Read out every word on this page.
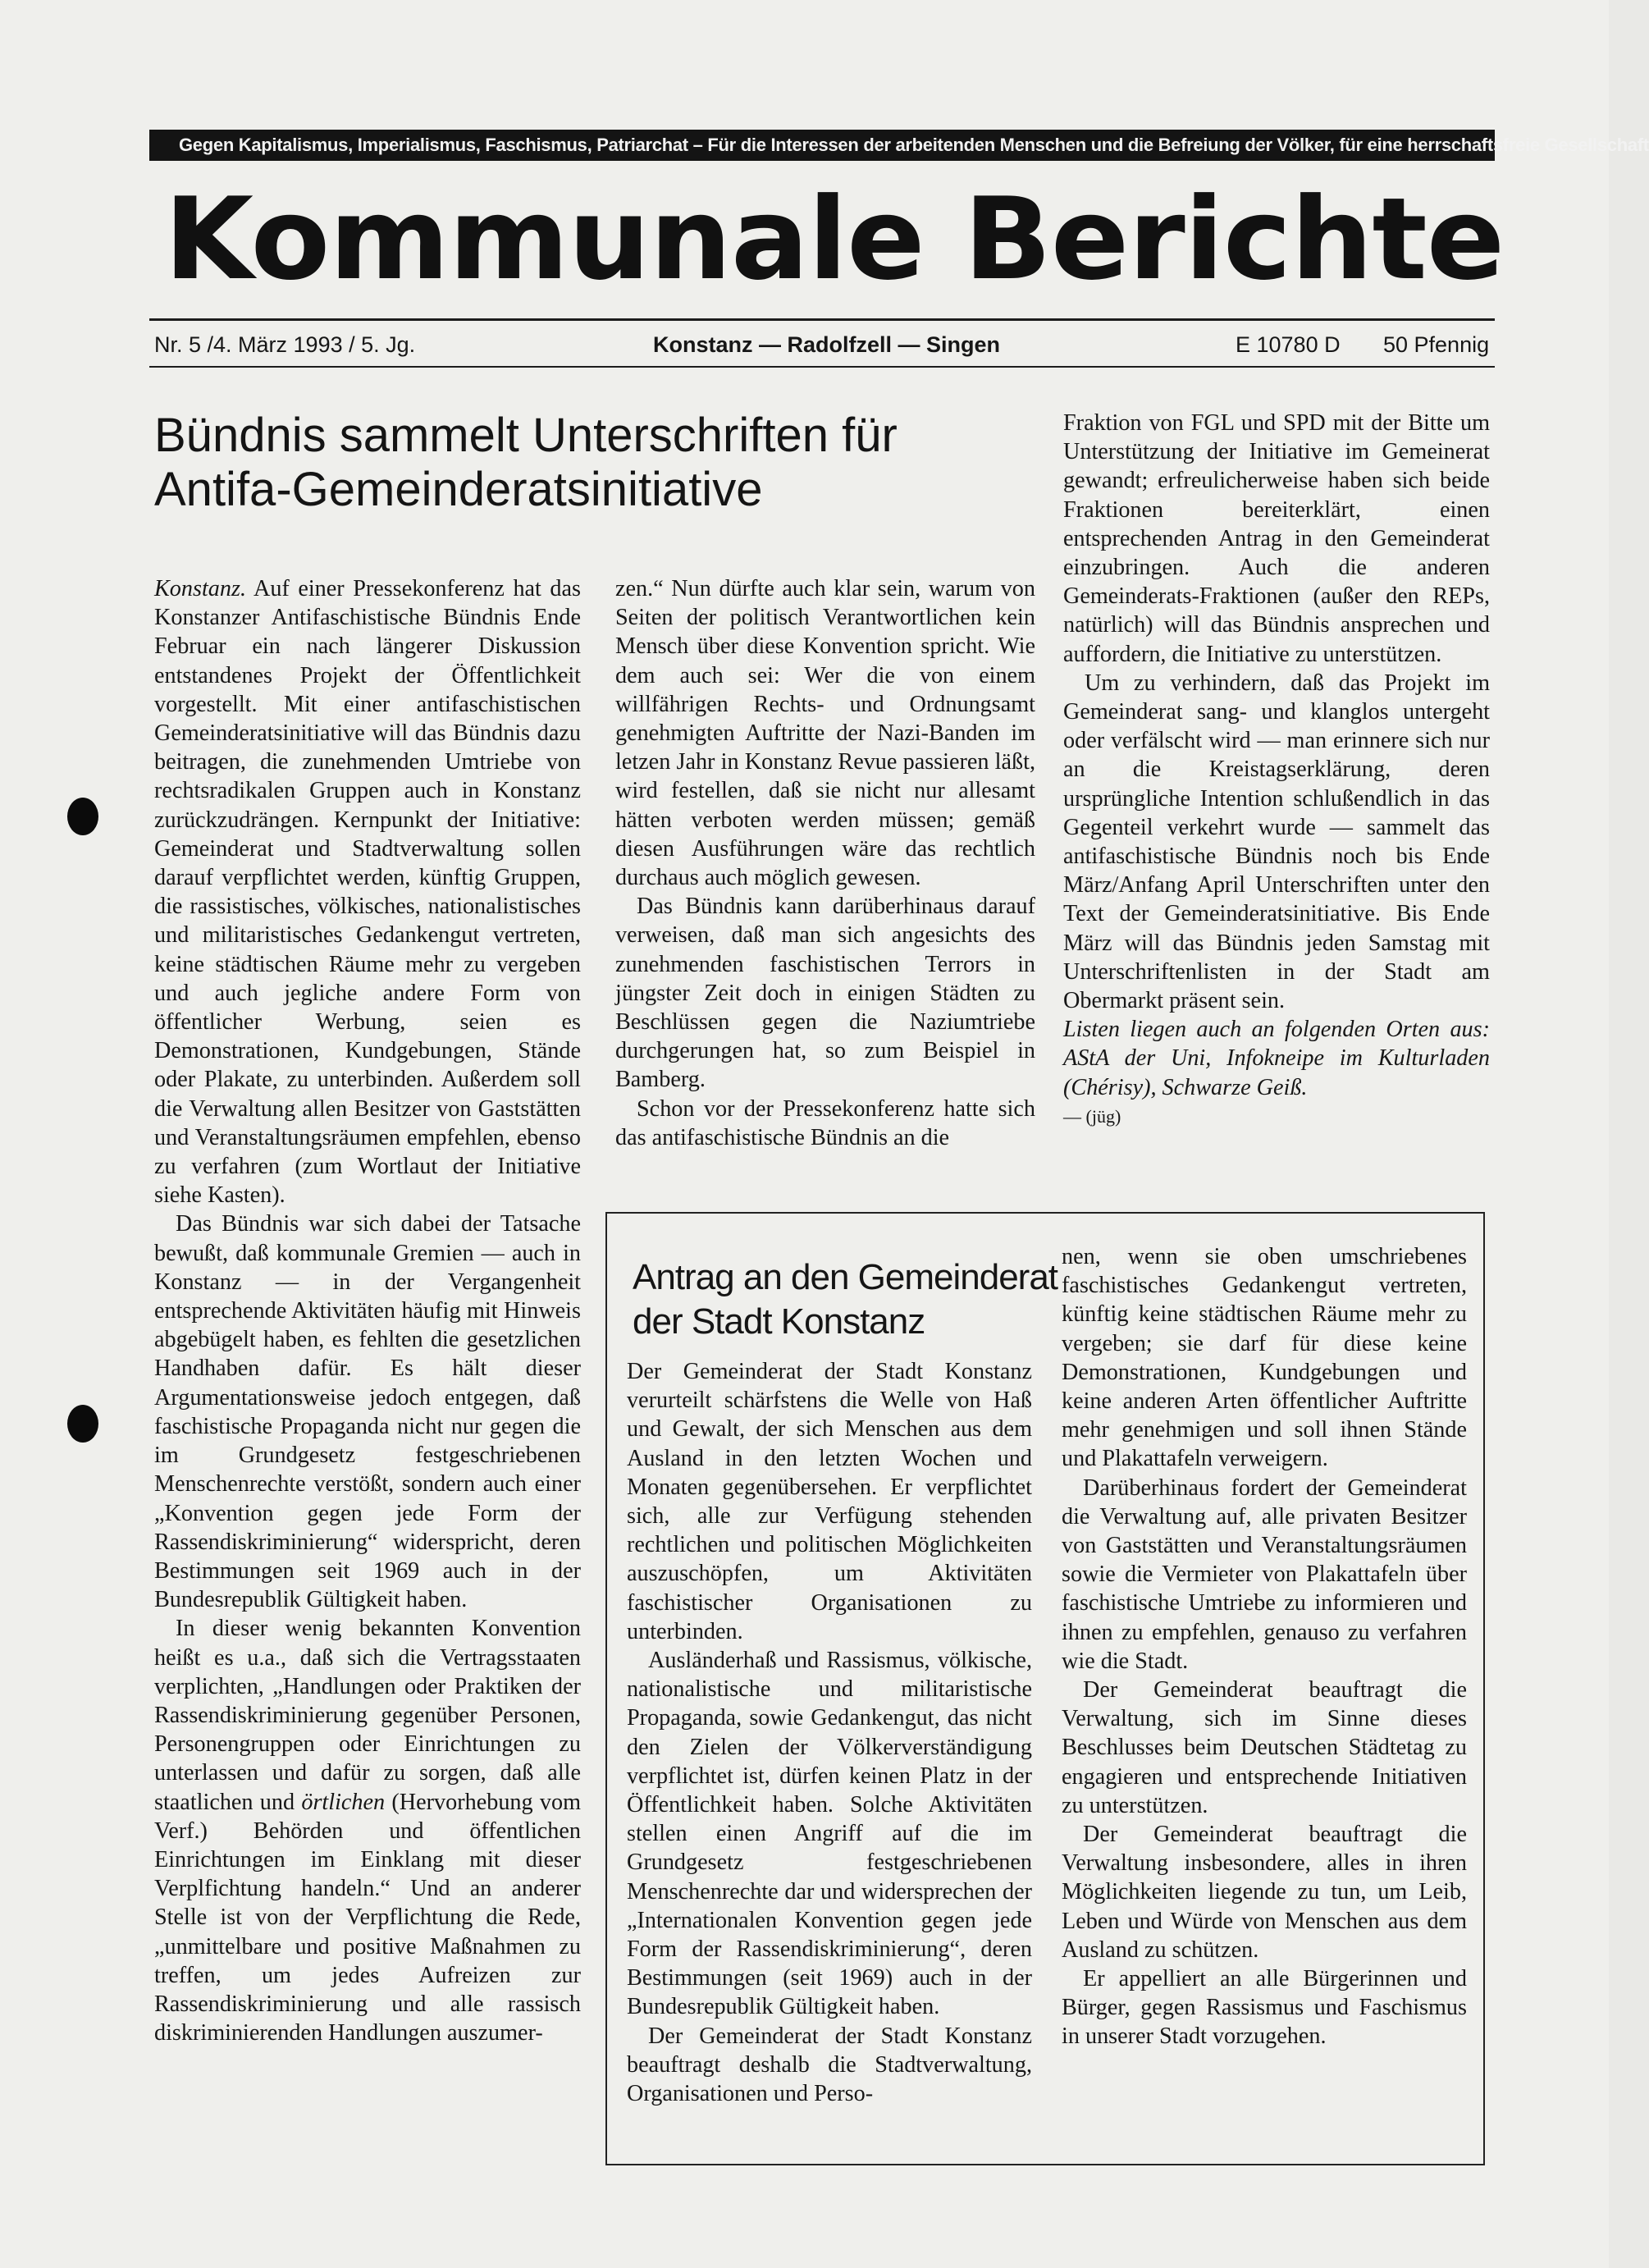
Gegen Kapitalismus, Imperialismus, Faschismus, Patriarchat – Für die Interessen der arbeitenden Menschen und die Befreiung der Völker, für eine herrschaftsfreie Gesellschaft
Kommunale Berichte
Nr. 5 /4. März 1993 / 5. Jg.	Konstanz — Radolfzell — Singen	E 10780 D 50 Pfennig
Bündnis sammelt Unterschriften für Antifa-Gemeinderatsinitiative

Konstanz. Auf einer Pressekonferenz hat das Konstanzer Antifaschistische Bündnis Ende Februar ein nach längerer Diskussion entstandenes Projekt der Öffentlichkeit vorgestellt. Mit einer antifaschistischen Gemeinderatsinitiative will das Bündnis dazu beitragen, die zunehmenden Umtriebe von rechtsradikalen Gruppen auch in Konstanz zurückzudrängen. Kernpunkt der Initiative: Gemeinderat und Stadtverwaltung sollen darauf verpflichtet werden, künftig Gruppen, die rassistisches, völkisches, nationalistisches und militaristisches Gedankengut vertreten, keine städtischen Räume mehr zu vergeben und auch jegliche andere Form von öffentlicher Werbung, seien es Demonstrationen, Kundgebungen, Stände oder Plakate, zu unterbinden. Außerdem soll die Verwaltung allen Besitzer von Gaststätten und Veranstaltungsräumen empfehlen, ebenso zu verfahren (zum Wortlaut der Initiative siehe Kasten).

Das Bündnis war sich dabei der Tatsache bewußt, daß kommunale Gremien — auch in Konstanz — in der Vergangenheit entsprechende Aktivitäten häufig mit Hinweis abgebügelt haben, es fehlten die gesetzlichen Handhaben dafür. Es hält dieser Argumentationsweise jedoch entgegen, daß faschistische Propaganda nicht nur gegen die im Grundgesetz festgeschriebenen Menschenrechte verstößt, sondern auch einer „Konvention gegen jede Form der Rassendiskriminierung“ widerspricht, deren Bestimmungen seit 1969 auch in der Bundesrepublik Gültigkeit haben.

In dieser wenig bekannten Konvention heißt es u.a., daß sich die Vertragsstaaten verplichten, „Handlungen oder Praktiken der Rassendiskriminierung gegenüber Personen, Personengruppen oder Einrichtungen zu unterlassen und dafür zu sorgen, daß alle staatlichen und örtlichen (Hervorhebung vom Verf.) Behörden und öffentlichen Einrichtungen im Einklang mit dieser Verplfichtung handeln.“ Und an anderer Stelle ist von der Verpflichtung die Rede, „unmittelbare und positive Maßnahmen zu treffen, um jedes Aufreizen zur Rassendiskriminierung und alle rassisch diskriminierenden Handlungen auszumer-

zen.“ Nun dürfte auch klar sein, warum von Seiten der politisch Verantwortlichen kein Mensch über diese Konvention spricht. Wie dem auch sei: Wer die von einem willfährigen Rechts- und Ordnungsamt genehmigten Auftritte der Nazi-Banden im letzen Jahr in Konstanz Revue passieren läßt, wird festellen, daß sie nicht nur allesamt hätten verboten werden müssen; gemäß diesen Ausführungen wäre das rechtlich durchaus auch möglich gewesen.

Das Bündnis kann darüberhinaus darauf verweisen, daß man sich angesichts des zunehmenden faschistischen Terrors in jüngster Zeit doch in einigen Städten zu Beschlüssen gegen die Naziumtriebe durchgerungen hat, so zum Beispiel in Bamberg.

Schon vor der Pressekonferenz hatte sich das antifaschistische Bündnis an die

Fraktion von FGL und SPD mit der Bitte um Unterstützung der Initiative im Gemeinerat gewandt; erfreulicherweise haben sich beide Fraktionen bereiterklärt, einen entsprechenden Antrag in den Gemeinderat einzubringen. Auch die anderen Gemeinderats-Fraktionen (außer den REPs, natürlich) will das Bündnis ansprechen und auffordern, die Initiative zu unterstützen.

Um zu verhindern, daß das Projekt im Gemeinderat sang- und klanglos untergeht oder verfälscht wird — man erinnere sich nur an die Kreistagserklärung, deren ursprüngliche Intention schlußendlich in das Gegenteil verkehrt wurde — sammelt das antifaschistische Bündnis noch bis Ende März/Anfang April Unterschriften unter den Text der Gemeinderatsinitiative. Bis Ende März will das Bündnis jeden Samstag mit Unterschriftenlisten in der Stadt am Obermarkt präsent sein.

Listen liegen auch an folgenden Orten aus: AStA der Uni, Infokneipe im Kulturladen (Chérisy), Schwarze Geiß.

— (jüg)

Antrag an den Gemeinderat der Stadt Konstanz

Der Gemeinderat der Stadt Konstanz verurteilt schärfstens die Welle von Haß und Gewalt, der sich Menschen aus dem Ausland in den letzten Wochen und Monaten gegenübersehen. Er verpflichtet sich, alle zur Verfügung stehenden rechtlichen und politischen Möglichkeiten auszuschöpfen, um Aktivitäten faschistischer Organisationen zu unterbinden.

Ausländerhaß und Rassismus, völkische, nationalistische und militaristische Propaganda, sowie Gedankengut, das nicht den Zielen der Völkerverständigung verpflichtet ist, dürfen keinen Platz in der Öffentlichkeit haben. Solche Aktivitäten stellen einen Angriff auf die im Grundgesetz festgeschriebenen Menschenrechte dar und widersprechen der „Internationalen Konvention gegen jede Form der Rassendiskriminierung“, deren Bestimmungen (seit 1969) auch in der Bundesrepublik Gültigkeit haben.

Der Gemeinderat der Stadt Konstanz beauftragt deshalb die Stadtverwaltung, Organisationen und Perso-

nen, wenn sie oben umschriebenes faschistisches Gedankengut vertreten, künftig keine städtischen Räume mehr zu vergeben; sie darf für diese keine Demonstrationen, Kundgebungen und keine anderen Arten öffentlicher Auftritte mehr genehmigen und soll ihnen Stände und Plakattafeln verweigern.

Darüberhinaus fordert der Gemeinderat die Verwaltung auf, alle privaten Besitzer von Gaststätten und Veranstaltungsräumen sowie die Vermieter von Plakattafeln über faschistische Umtriebe zu informieren und ihnen zu empfehlen, genauso zu verfahren wie die Stadt.

Der Gemeinderat beauftragt die Verwaltung, sich im Sinne dieses Beschlusses beim Deutschen Städtetag zu engagieren und entsprechende Initiativen zu unterstützen.

Der Gemeinderat beauftragt die Verwaltung insbesondere, alles in ihren Möglichkeiten liegende zu tun, um Leib, Leben und Würde von Menschen aus dem Ausland zu schützen.

Er appelliert an alle Bürgerinnen und Bürger, gegen Rassismus und Faschismus in unserer Stadt vorzugehen.
